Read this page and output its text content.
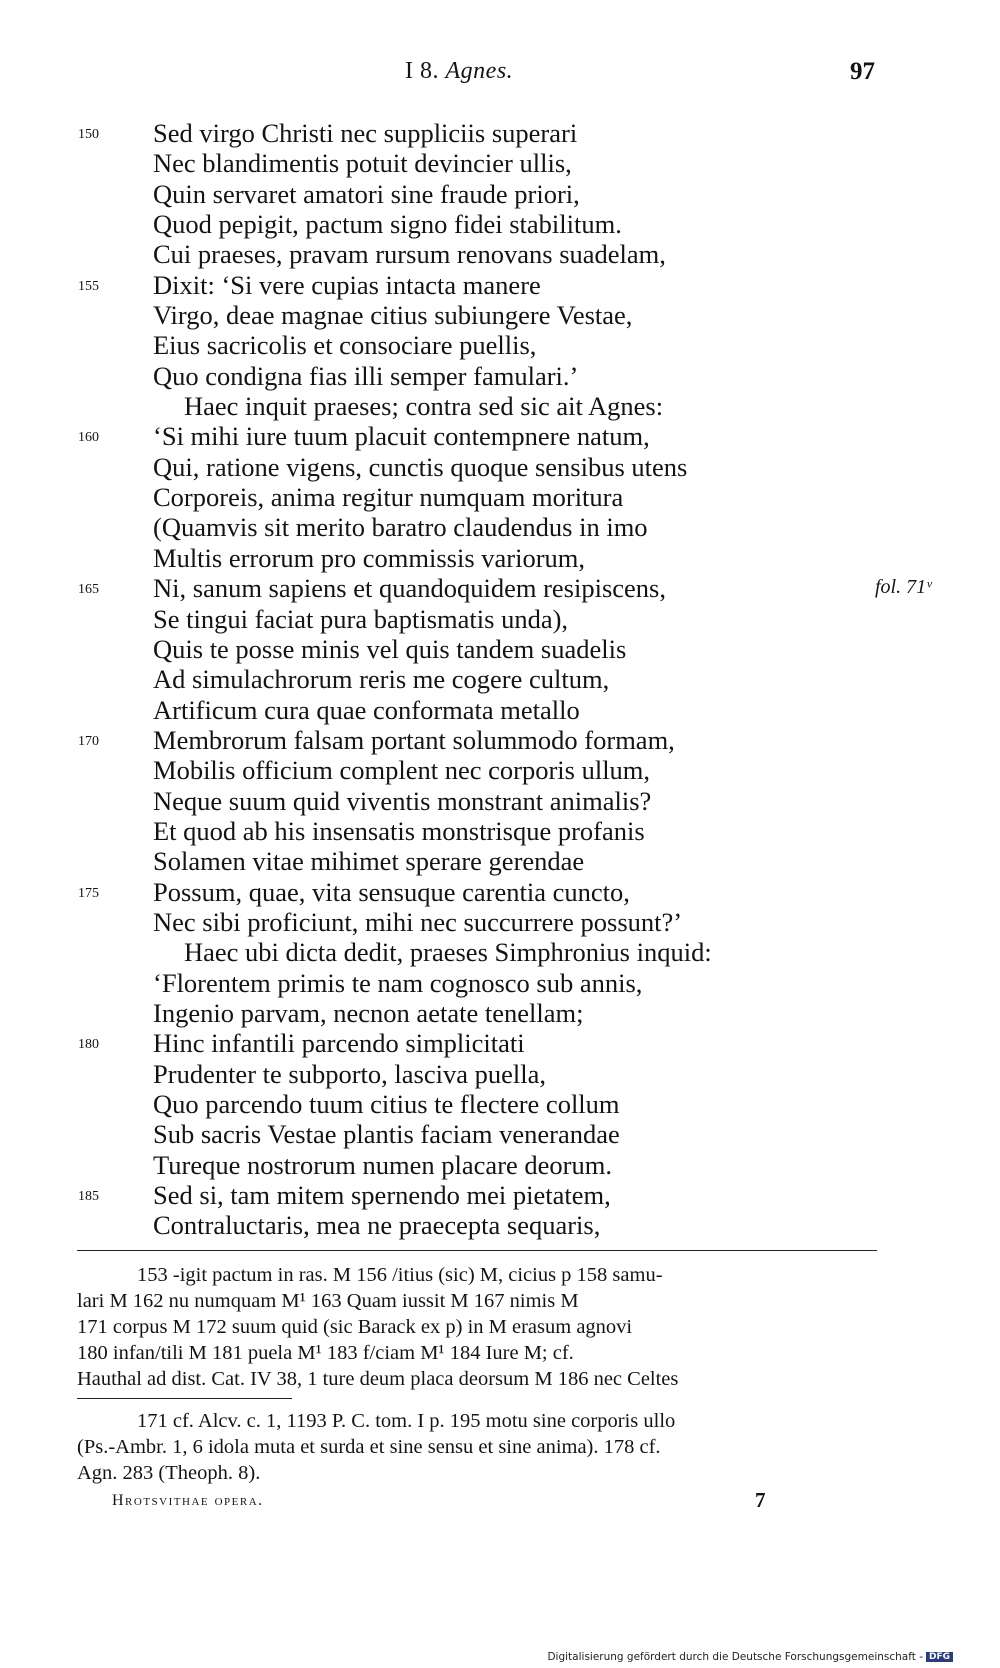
I 8. Agnes.	97
150 Sed virgo Christi nec suppliciis superari
Nec blandimentis potuit devincier ullis,
Quin servaret amatori sine fraude priori,
Quod pepigit, pactum signo fidei stabilitum.
Cui praeses, pravam rursum renovans suadelam,
155 Dixit: ‘Si vere cupias intacta manere
Virgo, deae magnae citius subiungere Vestae,
Eius sacricolis et consociare puellis,
Quo condigna fias illi semper famulari.’
Haec inquit praeses; contra sed sic ait Agnes:
160 ‘Si mihi iure tuum placuit contempnere natum,
Qui, ratione vigens, cunctis quoque sensibus utens
Corporeis, anima regitur numquam moritura
(Quamvis sit merito baratro claudendus in imo
Multis errorum pro commissis variorum,
165 Ni, sanum sapiens et quandoquidem resipiscens,	fol. 71ᵛ
Se tingui faciat pura baptismatis unda),
Quis te posse minis vel quis tandem suadelis
Ad simulachrorum reris me cogere cultum,
Artificum cura quae conformata metallo
170 Membrorum falsam portant solummodo formam,
Mobilis officium complent nec corporis ullum,
Neque suum quid viventis monstrant animalis?
Et quod ab his insensatis monstrisque profanis
Solamen vitae mihimet sperare gerendae
175 Possum, quae, vita sensuque carentia cuncto,
Nec sibi proficiunt, mihi nec succurrere possunt?’
Haec ubi dicta dedit, praeses Simphronius inquid:
‘Florentem primis te nam cognosco sub annis,
Ingenio parvam, necnon aetate tenellam;
180 Hinc infantili parcendo simplicitati
Prudenter te subporto, lasciva puella,
Quo parcendo tuum citius te flectere collum
Sub sacris Vestae plantis faciam venerandae
Tureque nostrorum numen placare deorum.
185 Sed si, tam mitem spernendo mei pietatem,
Contraluctaris, mea ne praecepta sequaris,
153 -igit pactum in ras. M 156 /itius (sic) M, cicius p 158 samu-
lari M 162 nu numquam M¹ 163 Quam iussit M 167 nimis M
171 corpus M 172 suum quid (sic Barack ex p) in M erasum agnovi
180 infan/tili M 181 puela M¹ 183 f/ciam M¹ 184 Iure M; cf.
Hauthal ad dist. Cat. IV 38, 1 ture deum placa deorsum M 186 nec Celtes
171 cf. Alcv. c. 1, 1193 P. C. tom. I p. 195 motu sine corporis ullo
(Ps.-Ambr. 1, 6 idola muta et surda et sine sensu et sine anima). 178 cf.
Agn. 283 (Theoph. 8).
Hrotsvithae opera.	7
Digitalisierung gefördert durch die Deutsche Forschungsgemeinschaft - DFG
